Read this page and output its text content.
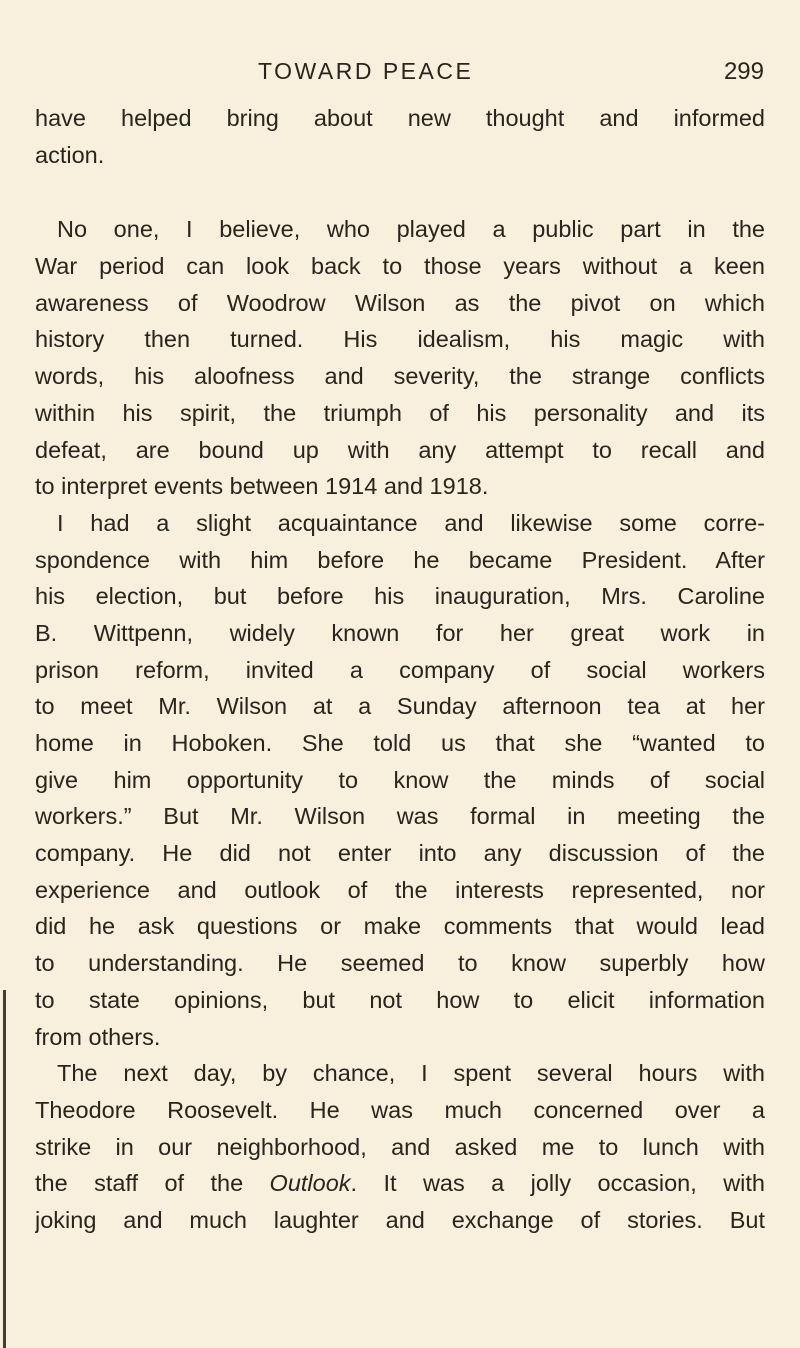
TOWARD PEACE	299
have helped bring about new thought and informed
action.
No one, I believe, who played a public part in the
War period can look back to those years without a keen
awareness of Woodrow Wilson as the pivot on which
history then turned. His idealism, his magic with
words, his aloofness and severity, the strange conflicts
within his spirit, the triumph of his personality and its
defeat, are bound up with any attempt to recall and
to interpret events between 1914 and 1918.
I had a slight acquaintance and likewise some corre-
spondence with him before he became President. After
his election, but before his inauguration, Mrs. Caroline
B. Wittpenn, widely known for her great work in
prison reform, invited a company of social workers
to meet Mr. Wilson at a Sunday afternoon tea at her
home in Hoboken. She told us that she “wanted to
give him opportunity to know the minds of social
workers.” But Mr. Wilson was formal in meeting the
company. He did not enter into any discussion of the
experience and outlook of the interests represented, nor
did he ask questions or make comments that would lead
to understanding. He seemed to know superbly how
to state opinions, but not how to elicit information
from others.
The next day, by chance, I spent several hours with
Theodore Roosevelt. He was much concerned over a
strike in our neighborhood, and asked me to lunch with
the staff of the Outlook. It was a jolly occasion, with
joking and much laughter and exchange of stories. But
